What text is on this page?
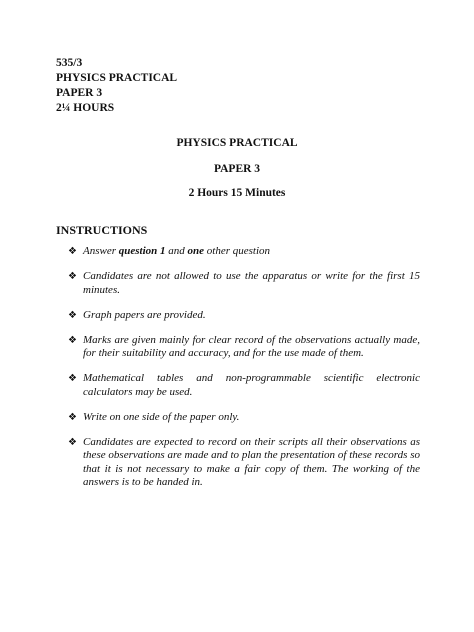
535/3
PHYSICS PRACTICAL
PAPER 3
2¼ HOURS
PHYSICS PRACTICAL
PAPER 3
2 Hours 15 Minutes
INSTRUCTIONS
❖ Answer question 1 and one other question
❖ Candidates are not allowed to use the apparatus or write for the first 15 minutes.
❖ Graph papers are provided.
❖ Marks are given mainly for clear record of the observations actually made, for their suitability and accuracy, and for the use made of them.
❖ Mathematical tables and non-programmable scientific electronic calculators may be used.
❖ Write on one side of the paper only.
❖ Candidates are expected to record on their scripts all their observations as these observations are made and to plan the presentation of these records so that it is not necessary to make a fair copy of them. The working of the answers is to be handed in.
